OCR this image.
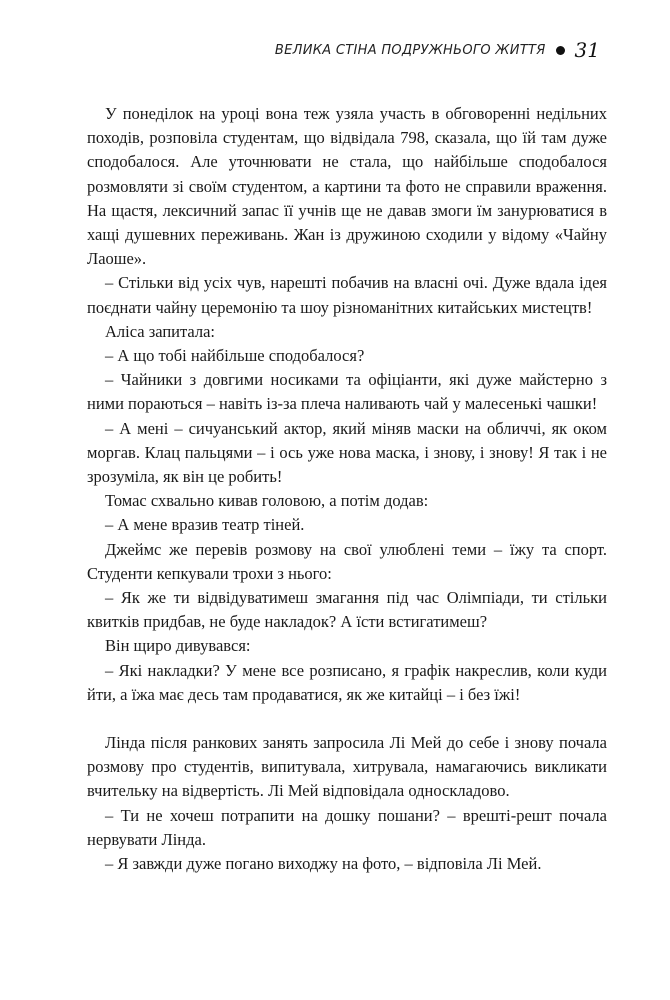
ВЕЛИКА СТІНА ПОДРУЖНЬОГО ЖИТТЯ 31

У понеділок на уроці вона теж узяла участь в обговоренні недільних походів, розповіла студентам, що відвідала 798, сказала, що їй там дуже сподобалося. Але уточнювати не стала, що найбільше сподобалося розмовляти зі своїм студентом, а картини та фото не справили враження. На щастя, лексичний запас її учнів ще не давав змоги їм занурюватися в хащі душевних переживань. Жан із дружиною сходили у відому «Чайну Лаоше».

– Стільки від усіх чув, нарешті побачив на власні очі. Дуже вдала ідея поєднати чайну церемонію та шоу різноманітних китайських мистецтв!

Аліса запитала:

– А що тобі найбільше сподобалося?

– Чайники з довгими носиками та офіціанти, які дуже майстерно з ними пораються – навіть із-за плеча наливають чай у малесенькі чашки!

– А мені – сичуанський актор, який міняв маски на обличчі, як оком моргав. Клац пальцями – і ось уже нова маска, і знову, і знову! Я так і не зрозуміла, як він це робить!

Томас схвально кивав головою, а потім додав:

– А мене вразив театр тіней.

Джеймс же перевів розмову на свої улюблені теми – їжу та спорт. Студенти кепкували трохи з нього:

– Як же ти відвідуватимеш змагання під час Олімпіади, ти стільки квитків придбав, не буде накладок? А їсти встигатимеш?

Він щиро дивувався:

– Які накладки? У мене все розписано, я графік накреслив, коли куди йти, а їжа має десь там продаватися, як же китайці – і без їжі!

Лінда після ранкових занять запросила Лі Мей до себе і знову почала розмову про студентів, випитувала, хитрувала, намагаючись викликати вчительку на відвертість. Лі Мей відповідала односкладово.

– Ти не хочеш потрапити на дошку пошани? – врешті-решт почала нервувати Лінда.

– Я завжди дуже погано виходжу на фото, – відповіла Лі Мей.
